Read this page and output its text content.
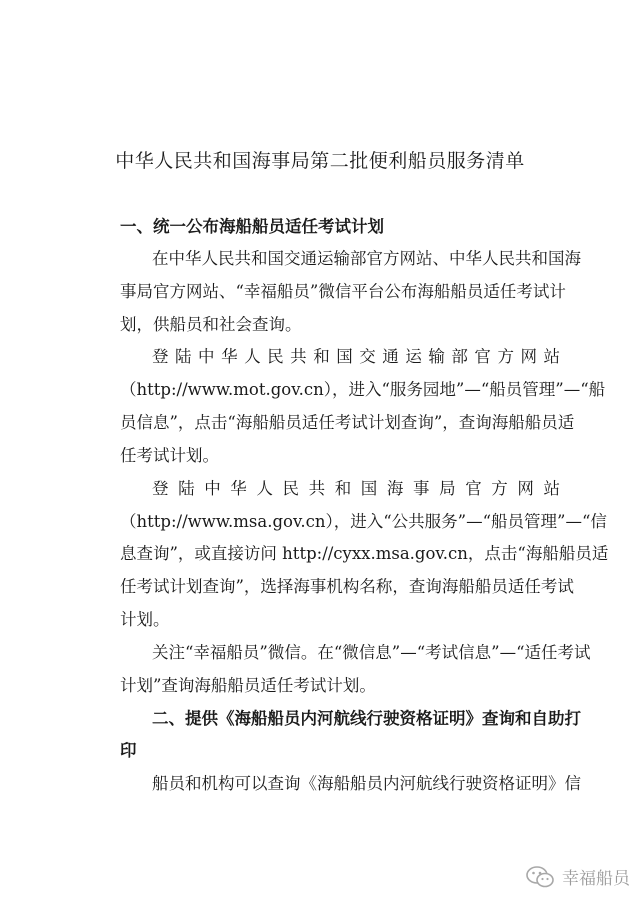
中华人民共和国海事局第二批便利船员服务清单
一、统一公布海船船员适任考试计划
在中华人民共和国交通运输部官方网站、中华人民共和国海
事局官方网站、“幸福船员”微信平台公布海船船员适任考试计
划，供船员和社会查询。
登陆中华人民共和国交通运输部官方网站
（http://www.mot.gov.cn），进入“服务园地”—“船员管理”—“船
员信息”，点击“海船船员适任考试计划查询”，查询海船船员适
任考试计划。
登陆中华人民共和国海事局官方网站
（http://www.msa.gov.cn），进入“公共服务”—“船员管理”—“信
息查询”，或直接访问 http://cyxx.msa.gov.cn，点击“海船船员适
任考试计划查询”，选择海事机构名称，查询海船船员适任考试
计划。
关注“幸福船员”微信。在“微信息”—“考试信息”—“适任考试
计划”查询海船船员适任考试计划。
二、提供《海船船员内河航线行驶资格证明》查询和自助打
印
船员和机构可以查询《海船船员内河航线行驶资格证明》信
幸福船员
